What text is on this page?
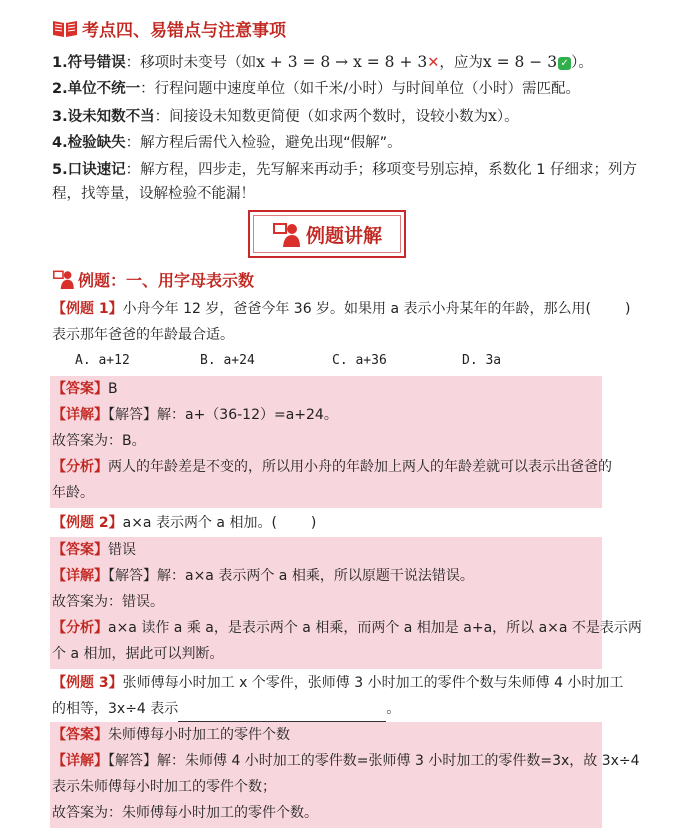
考点四、易错点与注意事项
1.符号错误：移项时未变号（如x + 3 = 8 → x = 8 + 3✕，应为x = 8 − 3 ✓ ）。
2.单位不统一：行程问题中速度单位（如千米/小时）与时间单位（小时）需匹配。
3.设未知数不当：间接设未知数更简便（如求两个数时，设较小数为x）。
4.检验缺失：解方程后需代入检验，避免出现“假解”。
5.口诀速记：解方程，四步走，先写解来再动手；移项变号别忘掉，系数化 1 仔细求；列方
程，找等量，设解检验不能漏！
例题讲解
例题：一、用字母表示数
【例题 1】小舟今年 12 岁，爸爸今年 36 岁。如果用 a 表示小舟某年的年龄，那么用( )
表示那年爸爸的年龄最合适。
A. a+12	B. a+24	C. a+36	D. 3a
【答案】B
【详解】【解答】解：a+（36-12）=a+24。
故答案为：B。
【分析】两人的年龄差是不变的，所以用小舟的年龄加上两人的年龄差就可以表示出爸爸的
年龄。
【例题 2】a×a 表示两个 a 相加。( )
【答案】错误
【详解】【解答】解：a×a 表示两个 a 相乘，所以原题干说法错误。
故答案为：错误。
【分析】a×a 读作 a 乘 a，是表示两个 a 相乘，而两个 a 相加是 a+a，所以 a×a 不是表示两
个 a 相加，据此可以判断。
【例题 3】张师傅每小时加工 x 个零件，张师傅 3 小时加工的零件个数与朱师傅 4 小时加工
的相等，3x÷4 表示	。
【答案】朱师傅每小时加工的零件个数
【详解】【解答】解：朱师傅 4 小时加工的零件数=张师傅 3 小时加工的零件数=3x，故 3x÷4
表示朱师傅每小时加工的零件个数；
故答案为：朱师傅每小时加工的零件个数。
